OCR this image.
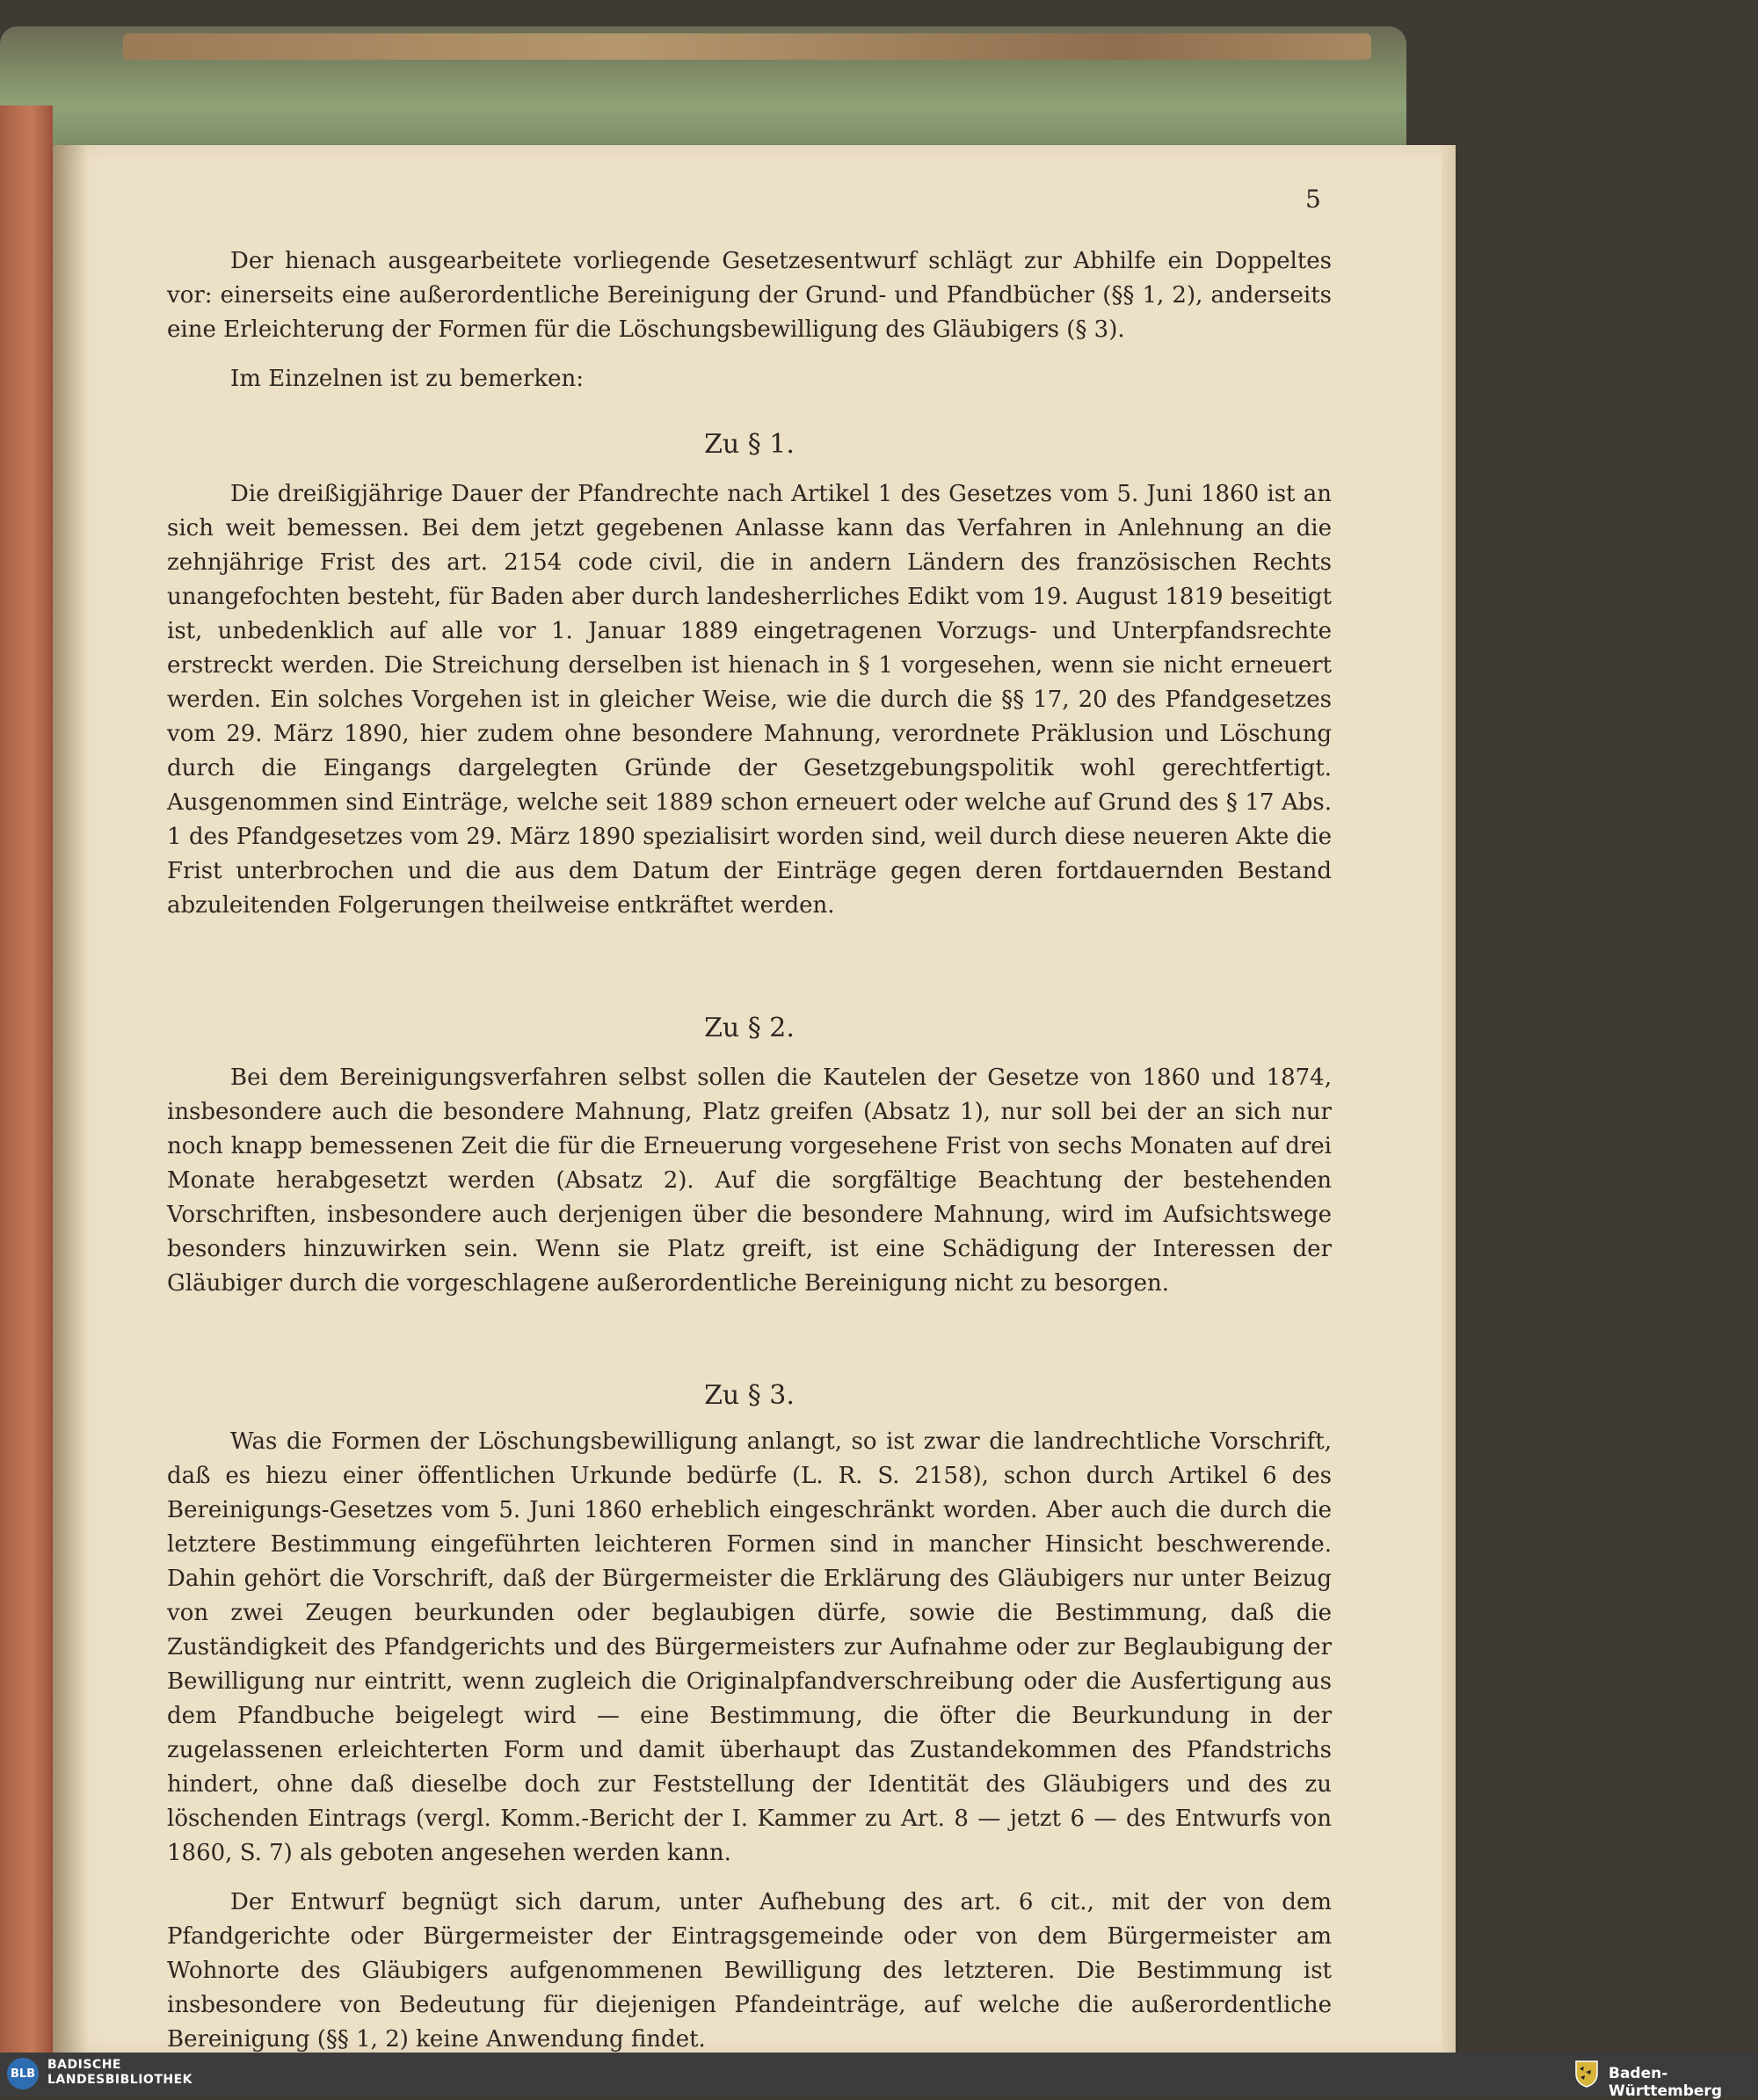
5

Der hienach ausgearbeitete vorliegende Gesetzesentwurf schlägt zur Abhilfe ein Doppeltes vor: einerseits eine außerordentliche Bereinigung der Grund- und Pfandbücher (§§ 1, 2), anderseits eine Erleichterung der Formen für die Löschungsbewilligung des Gläubigers (§ 3).

Im Einzelnen ist zu bemerken:

Zu § 1.

Die dreißigjährige Dauer der Pfandrechte nach Artikel 1 des Gesetzes vom 5. Juni 1860 ist an sich weit bemessen. Bei dem jetzt gegebenen Anlasse kann das Verfahren in Anlehnung an die zehnjährige Frist des art. 2154 code civil, die in andern Ländern des französischen Rechts unangefochten besteht, für Baden aber durch landesherrliches Edikt vom 19. August 1819 beseitigt ist, unbedenklich auf alle vor 1. Januar 1889 eingetragenen Vorzugs- und Unterpfandsrechte erstreckt werden. Die Streichung derselben ist hienach in § 1 vorgesehen, wenn sie nicht erneuert werden. Ein solches Vorgehen ist in gleicher Weise, wie die durch die §§ 17, 20 des Pfandgesetzes vom 29. März 1890, hier zudem ohne besondere Mahnung, verordnete Präklusion und Löschung durch die Eingangs dargelegten Gründe der Gesetzgebungspolitik wohl gerechtfertigt. Ausgenommen sind Einträge, welche seit 1889 schon erneuert oder welche auf Grund des § 17 Abs. 1 des Pfandgesetzes vom 29. März 1890 spezialisirt worden sind, weil durch diese neueren Akte die Frist unterbrochen und die aus dem Datum der Einträge gegen deren fortdauernden Bestand abzuleitenden Folgerungen theilweise entkräftet werden.

Zu § 2.

Bei dem Bereinigungsverfahren selbst sollen die Kautelen der Gesetze von 1860 und 1874, insbesondere auch die besondere Mahnung, Platz greifen (Absatz 1), nur soll bei der an sich nur noch knapp bemessenen Zeit die für die Erneuerung vorgesehene Frist von sechs Monaten auf drei Monate herabgesetzt werden (Absatz 2). Auf die sorgfältige Beachtung der bestehenden Vorschriften, insbesondere auch derjenigen über die besondere Mahnung, wird im Aufsichtswege besonders hinzuwirken sein. Wenn sie Platz greift, ist eine Schädigung der Interessen der Gläubiger durch die vorgeschlagene außerordentliche Bereinigung nicht zu besorgen.

Zu § 3.

Was die Formen der Löschungsbewilligung anlangt, so ist zwar die landrechtliche Vorschrift, daß es hiezu einer öffentlichen Urkunde bedürfe (L. R. S. 2158), schon durch Artikel 6 des Bereinigungs-Gesetzes vom 5. Juni 1860 erheblich eingeschränkt worden. Aber auch die durch die letztere Bestimmung eingeführten leichteren Formen sind in mancher Hinsicht beschwerende. Dahin gehört die Vorschrift, daß der Bürgermeister die Erklärung des Gläubigers nur unter Beizug von zwei Zeugen beurkunden oder beglaubigen dürfe, sowie die Bestimmung, daß die Zuständigkeit des Pfandgerichts und des Bürgermeisters zur Aufnahme oder zur Beglaubigung der Bewilligung nur eintritt, wenn zugleich die Originalpfandverschreibung oder die Ausfertigung aus dem Pfandbuche beigelegt wird — eine Bestimmung, die öfter die Beurkundung in der zugelassenen erleichterten Form und damit überhaupt das Zustandekommen des Pfandstrichs hindert, ohne daß dieselbe doch zur Feststellung der Identität des Gläubigers und des zu löschenden Eintrags (vergl. Komm.-Bericht der I. Kammer zu Art. 8 — jetzt 6 — des Entwurfs von 1860, S. 7) als geboten angesehen werden kann.

Der Entwurf begnügt sich darum, unter Aufhebung des art. 6 cit., mit der von dem Pfandgerichte oder Bürgermeister der Eintragsgemeinde oder von dem Bürgermeister am Wohnorte des Gläubigers aufgenommenen Bewilligung des letzteren. Die Bestimmung ist insbesondere von Bedeutung für diejenigen Pfandeinträge, auf welche die außerordentliche Bereinigung (§§ 1, 2) keine Anwendung findet.

BLB
BADISCHE
LANDESBIBLIOTHEK	Baden-Württemberg
